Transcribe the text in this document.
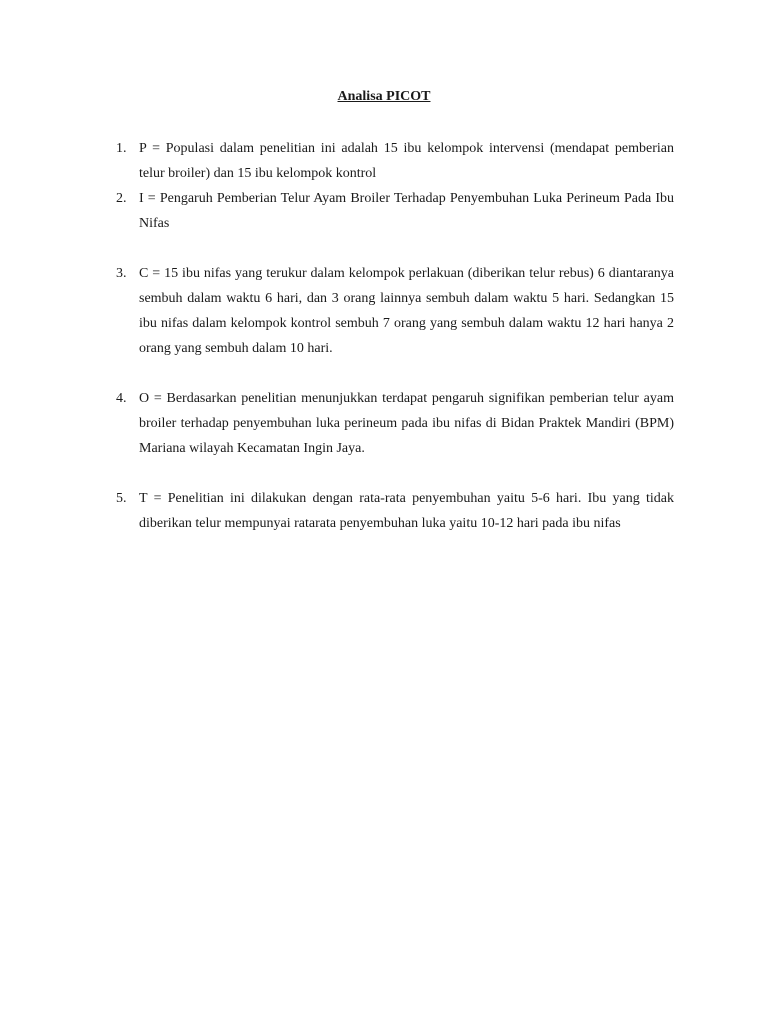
Analisa PICOT

1. P = Populasi dalam penelitian ini adalah 15 ibu kelompok intervensi (mendapat pemberian telur broiler) dan 15 ibu kelompok kontrol
2. I = Pengaruh Pemberian Telur Ayam Broiler Terhadap Penyembuhan Luka Perineum Pada Ibu Nifas
3. C = 15 ibu nifas yang terukur dalam kelompok perlakuan (diberikan telur rebus) 6 diantaranya sembuh dalam waktu 6 hari, dan 3 orang lainnya sembuh dalam waktu 5 hari. Sedangkan 15 ibu nifas dalam kelompok kontrol sembuh 7 orang yang sembuh dalam waktu 12 hari hanya 2 orang yang sembuh dalam 10 hari.
4. O = Berdasarkan penelitian menunjukkan terdapat pengaruh signifikan pemberian telur ayam broiler terhadap penyembuhan luka perineum pada ibu nifas di Bidan Praktek Mandiri (BPM) Mariana wilayah Kecamatan Ingin Jaya.
5. T = Penelitian ini dilakukan dengan rata-rata penyembuhan yaitu 5-6 hari. Ibu yang tidak diberikan telur mempunyai ratarata penyembuhan luka yaitu 10-12 hari pada ibu nifas
